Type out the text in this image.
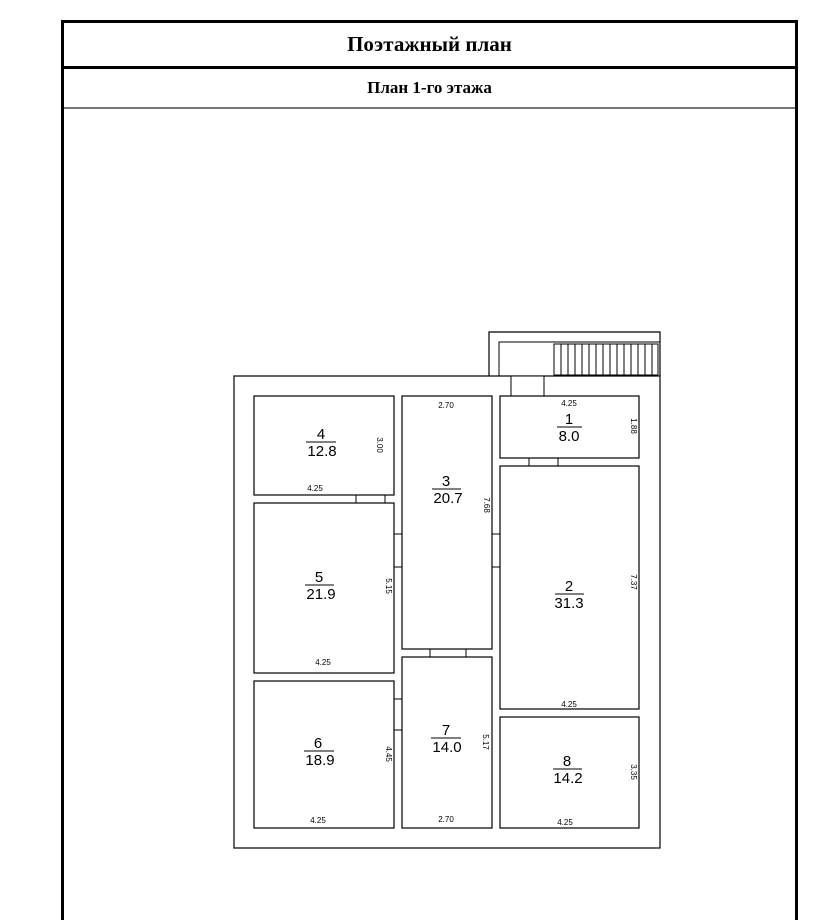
Поэтажный план
План 1-го этажа
1
8.0
4.25
1.88
2
31.3
4.25
7.37
3
20.7
2.70
7.68
4
12.8
4.25
3.00
5
21.9
4.25
5.15
6
18.9
4.25
4.45
7
14.0
2.70
5.17
8
14.2
4.25
3.35
